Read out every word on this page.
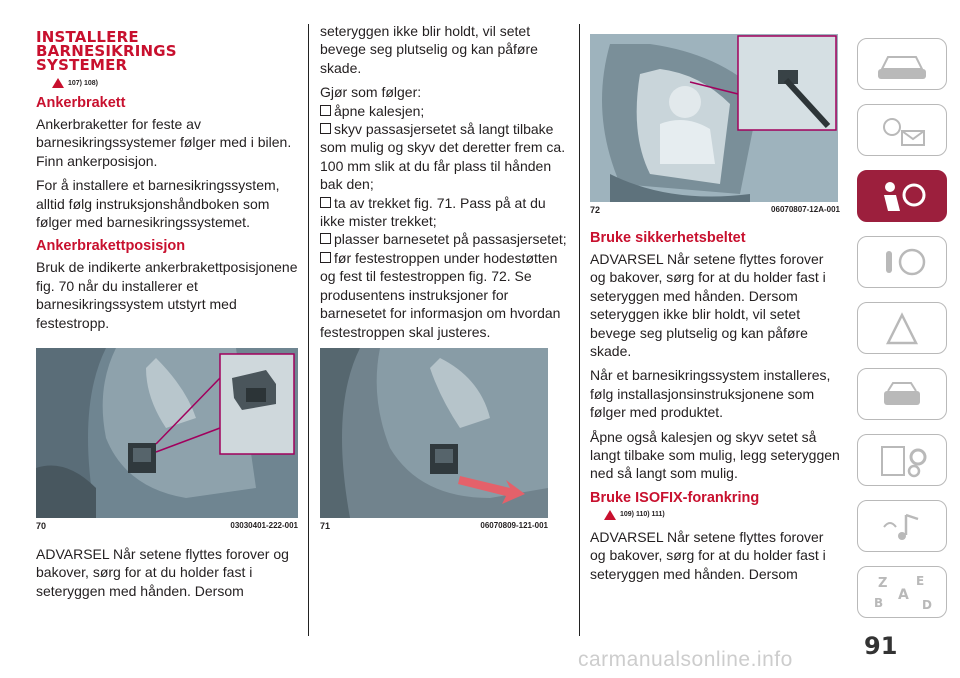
INSTALLERE
BARNESIKRINGS
SYSTEMER
107) 108)
Ankerbrakett

Ankerbraketter for feste av barnesikringssystemer følger med i bilen. Finn ankerposisjon.

For å installere et barnesikringssystem, alltid følg instruksjonshåndboken som følger med barnesikringssystemet.

Ankerbrakettposisjon

Bruk de indikerte ankerbrakettposisjonene fig. 70 når du installerer et barnesikringssystem utstyrt med festestropp.

70	03030401-222-001

ADVARSEL Når setene flyttes forover og bakover, sørg for at du holder fast i seteryggen med hånden. Dersom

seteryggen ikke blir holdt, vil setet bevege seg plutselig og kan påføre skade.

Gjør som følger:

åpne kalesjen;
skyv passasjersetet så langt tilbake som mulig og skyv det deretter frem ca. 100 mm slik at du får plass til hånden bak den;
ta av trekket fig. 71. Pass på at du ikke mister trekket;
plasser barnesetet på passasjersetet;
før festestroppen under hodestøtten og fest til festestroppen fig. 72. Se produsentens instruksjoner for barnesetet for informasjon om hvordan festestroppen skal justeres.
71	06070809-121-001
72	06070807-12A-001
Bruke sikkerhetsbeltet

ADVARSEL Når setene flyttes forover og bakover, sørg for at du holder fast i seteryggen med hånden. Dersom seteryggen ikke blir holdt, vil setet bevege seg plutselig og kan påføre skade.

Når et barnesikringssystem installeres, følg installasjonsinstruksjonene som følger med produktet.

Åpne også kalesjen og skyv setet så langt tilbake som mulig, legg seteryggen ned så langt som mulig.

Bruke ISOFIX-forankring
109) 110) 111)

ADVARSEL Når setene flyttes forover og bakover, sørg for at du holder fast i seteryggen med hånden. Dersom

Z E
A
B	D
91
carmanualsonline.info
